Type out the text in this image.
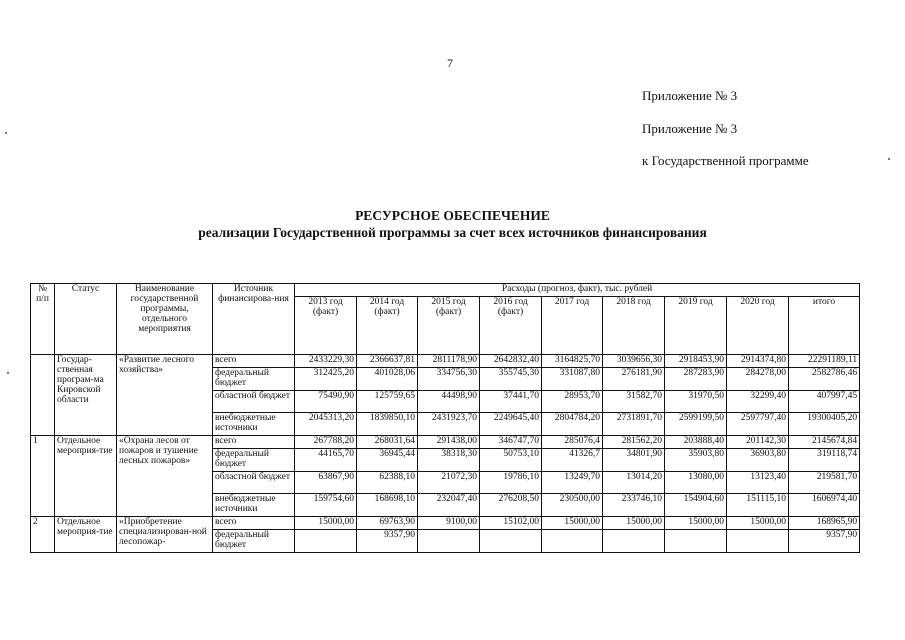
7
Приложение № 3
Приложение № 3
к Государственной программе
РЕСУРСНОЕ ОБЕСПЕЧЕНИЕ
реализации Государственной программы за счет всех источников финансирования
№ п/п	Статус	Наименование государственной программы, отдельного мероприятия	Источник финансирова-ния	Расходы (прогноз, факт), тыс. рублей								
				2013 год (факт)	2014 год (факт)	2015 год (факт)	2016 год (факт)	2017 год	2018 год	2019 год	2020 год	итого
	Государ-ственная програм-ма Кировской области	«Развитие лесного хозяйства»	всего	2433229,30	2366637,81	2811178,90	2642832,40	3164825,70	3039656,30	2918453,90	2914374,80	22291189,11
			федеральный бюджет	312425,20	401028,06	334756,30	355745,30	331087,80	276181,90	287283,90	284278,00	2582786,46
			областной бюджет	75490,90	125759,65	44498,90	37441,70	28953,70	31582,70	31970,50	32299,40	407997,45
			внебюджетные источники	2045313,20	1839850,10	2431923,70	2249645,40	2804784,20	2731891,70	2599199,50	2597797,40	19300405,20
1	Отдельное мероприя-тие	«Охрана лесов от пожаров и тушение лесных пожаров»	всего	267788,20	268031,64	291438,00	346747,70	285076,4	281562,20	203888,40	201142,30	2145674,84
			федеральный бюджет	44165,70	36945,44	38318,30	50753,10	41326,7	34801,90	35903,80	36903,80	319118,74
			областной бюджет	63867,90	62388,10	21072,30	19786,10	13249,70	13014,20	13080,00	13123,40	219581,70
			внебюджетные источники	159754,60	168698,10	232047,40	276208,50	230500,00	233746,10	154904,60	151115,10	1606974,40
2	Отдельное мероприя-тие	«Приобретение специализирован-ной лесопожар-	всего	15000,00	69763,90	9100,00	15102,00	15000,00	15000,00	15000,00	15000,00	168965,90
			федеральный бюджет		9357,90							9357,90
